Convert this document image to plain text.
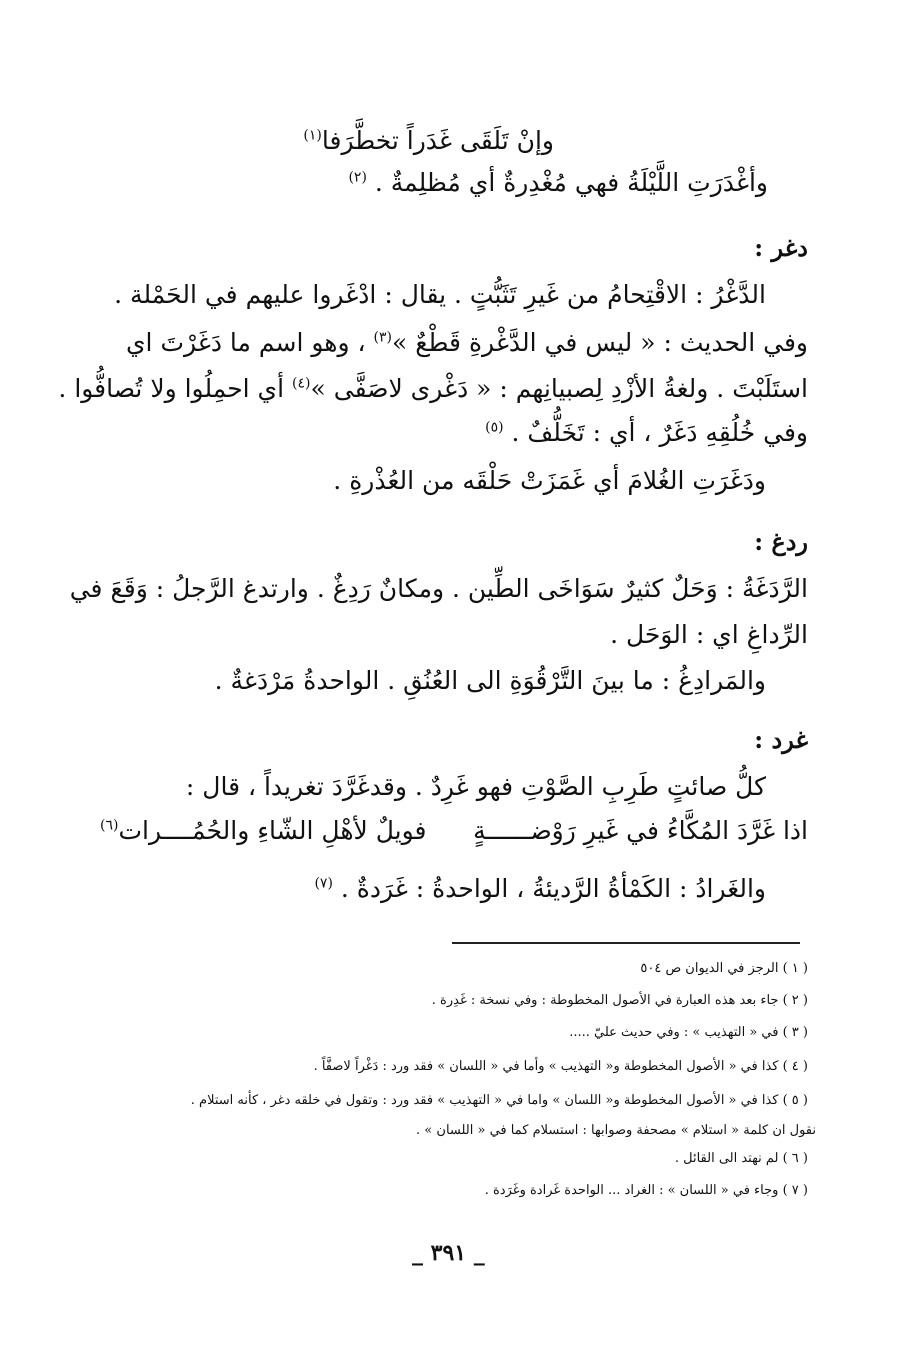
وإنْ تَلَقَى غَدَراً تخطَّرَفا$^{(١)}$
وأغْدَرَتِ اللَّيْلَةُ فهي مُغْدِرةٌ أي مُظلِمةٌ . $^{(٢)}$
دغر :
الدَّغْرُ : الاقْتِحامُ من غَيرِ تَثَبُّتٍ . يقال : ادْغَروا عليهم في الحَمْلة .
وفي الحديث : « ليس في الدَّغْرةِ قَطْعٌ »$^{(٣)}$ ، وهو اسم ما دَغَرْتَ اي
استَلَبْتَ . ولغةُ الأزْدِ لِصبيانِهم : « دَغْرى لاصَفَّى »$^{(٤)}$ أي احمِلُوا ولا تُصافُّوا .
وفي خُلُقِهِ دَغَرٌ ، أي : تَخَلُّفٌ . $^{(٥)}$
ودَغَرَتِ الغُلامَ أي غَمَزَتْ حَلْقَه من العُذْرةِ .
ردغ :
الرَّدَغَةُ : وَحَلٌ كثيرٌ سَوَاخَى الطِّين . ومكانٌ رَدِغٌ . وارتدغ الرَّجلُ : وَقَعَ في
الرِّداغِ اي : الوَحَل .
والمَرادِغُ : ما بينَ التَّرْقُوَةِ الى العُنُقِ . الواحدةُ مَرْدَغةٌ .
غرد :
كلُّ صائتٍ طَرِبِ الصَّوْتِ فهو غَرِدٌ . وقدغَرَّدَ تغريداً ، قال :
اذا غَرَّدَ المُكَّاءُ في غَيرِ رَوْضــــــةٍ
فويلٌ لأهْلِ الشّاءِ والحُمُــــرات$^{(٦)}$
والغَرادُ : الكَمْأةُ الرَّديئةُ ، الواحدةُ : غَرَدةٌ . $^{(٧)}$
( ١ ) الرجز في الديوان ص ٥٠٤
( ٢ ) جاء بعد هذه العبارة في الأصول المخطوطة : وفي نسخة : غَدِرة .
( ٣ ) في « التهذيب » : وفي حديث عليّ .....
( ٤ ) كذا في « الأصول المخطوطة و« التهذيب » وأما في « اللسان » فقد ورد : دَغْراً لاصفَّاً .
( ٥ ) كذا في « الأصول المخطوطة و« اللسان » واما في « التهذيب » فقد ورد : وتقول في خلقه دغر ، كأنه استلام .
نقول ان كلمة « استلام » مصحفة وصوابها : استسلام كما في « اللسان » .
( ٦ ) لم نهتد الى القائل .
( ٧ ) وجاء في « اللسان » : الغراد ... الواحدة غَرادة وغَرَدة .
_ ٣٩١ _
